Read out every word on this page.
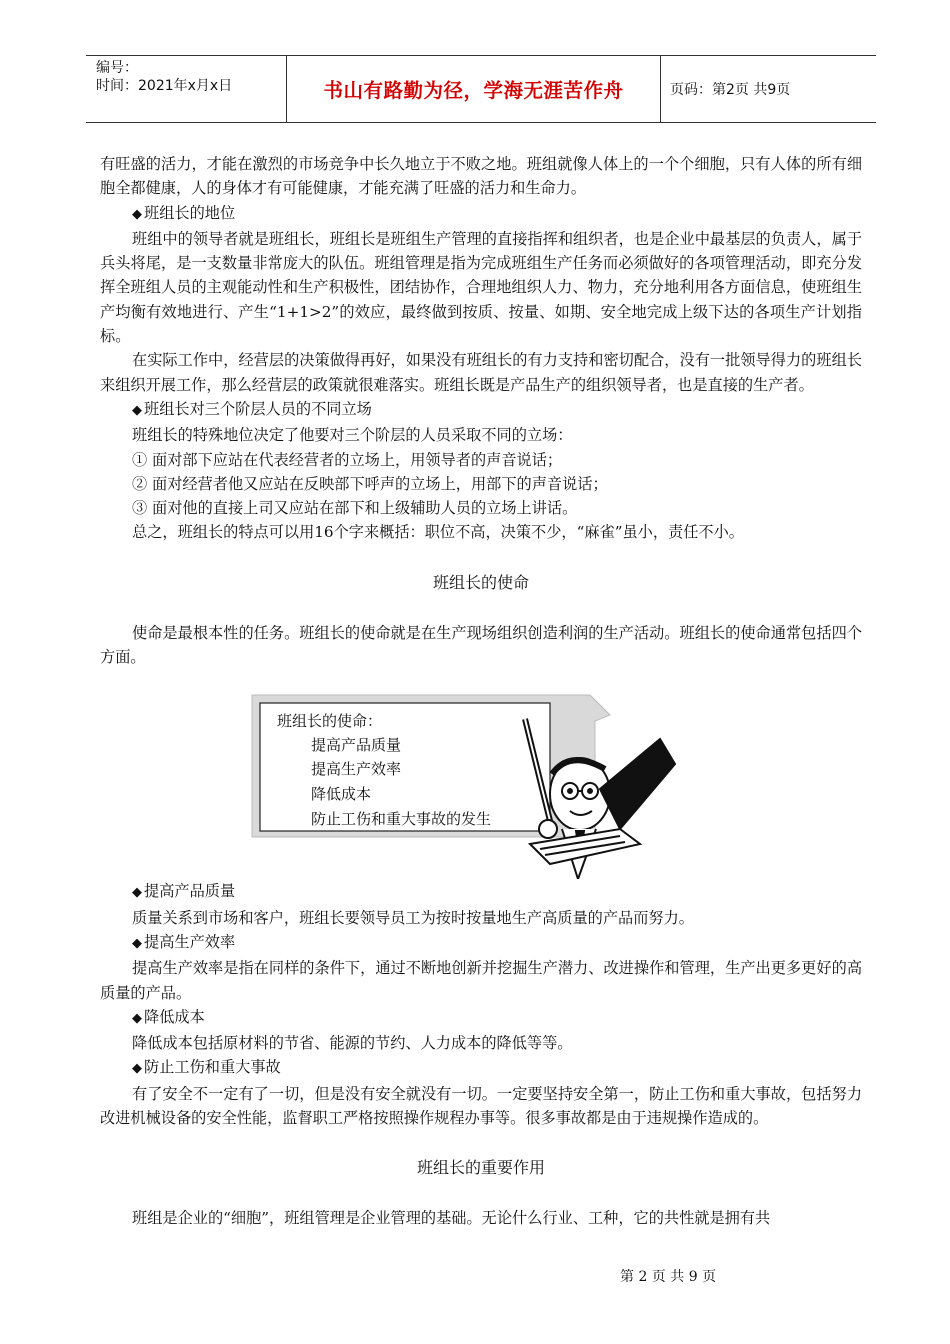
编号：
时间：2021年x月x日	书山有路勤为径，学海无涯苦作舟	页码：第2页 共9页

有旺盛的活力，才能在激烈的市场竞争中长久地立于不败之地。班组就像人体上的一个个细胞，只有人体的所有细胞全都健康，人的身体才有可能健康，才能充满了旺盛的活力和生命力。

◆ 班组长的地位

班组中的领导者就是班组长，班组长是班组生产管理的直接指挥和组织者，也是企业中最基层的负责人，属于兵头将尾，是一支数量非常庞大的队伍。班组管理是指为完成班组生产任务而必须做好的各项管理活动，即充分发挥全班组人员的主观能动性和生产积极性，团结协作，合理地组织人力、物力，充分地利用各方面信息，使班组生产均衡有效地进行、产生“1+1>2”的效应，最终做到按质、按量、如期、安全地完成上级下达的各项生产计划指标。

在实际工作中，经营层的决策做得再好，如果没有班组长的有力支持和密切配合，没有一批领导得力的班组长来组织开展工作，那么经营层的政策就很难落实。班组长既是产品生产的组织领导者，也是直接的生产者。

◆ 班组长对三个阶层人员的不同立场

班组长的特殊地位决定了他要对三个阶层的人员采取不同的立场：

① 面对部下应站在代表经营者的立场上，用领导者的声音说话；

② 面对经营者他又应站在反映部下呼声的立场上，用部下的声音说话；

③ 面对他的直接上司又应站在部下和上级辅助人员的立场上讲话。

总之，班组长的特点可以用16个字来概括：职位不高，决策不少，“麻雀”虽小，责任不小。

班组长的使命

使命是最根本性的任务。班组长的使命就是在生产现场组织创造利润的生产活动。班组长的使命通常包括四个方面。

班组长的使命：
提高产品质量
提高生产效率
降低成本
防止工伤和重大事故的发生

◆ 提高产品质量

质量关系到市场和客户，班组长要领导员工为按时按量地生产高质量的产品而努力。

◆ 提高生产效率

提高生产效率是指在同样的条件下，通过不断地创新并挖掘生产潜力、改进操作和管理，生产出更多更好的高质量的产品。

◆ 降低成本

降低成本包括原材料的节省、能源的节约、人力成本的降低等等。

◆ 防止工伤和重大事故

有了安全不一定有了一切，但是没有安全就没有一切。一定要坚持安全第一，防止工伤和重大事故，包括努力改进机械设备的安全性能，监督职工严格按照操作规程办事等。很多事故都是由于违规操作造成的。

班组长的重要作用

班组是企业的“细胞”，班组管理是企业管理的基础。无论什么行业、工种，它的共性就是拥有共

第 2 页 共 9 页
